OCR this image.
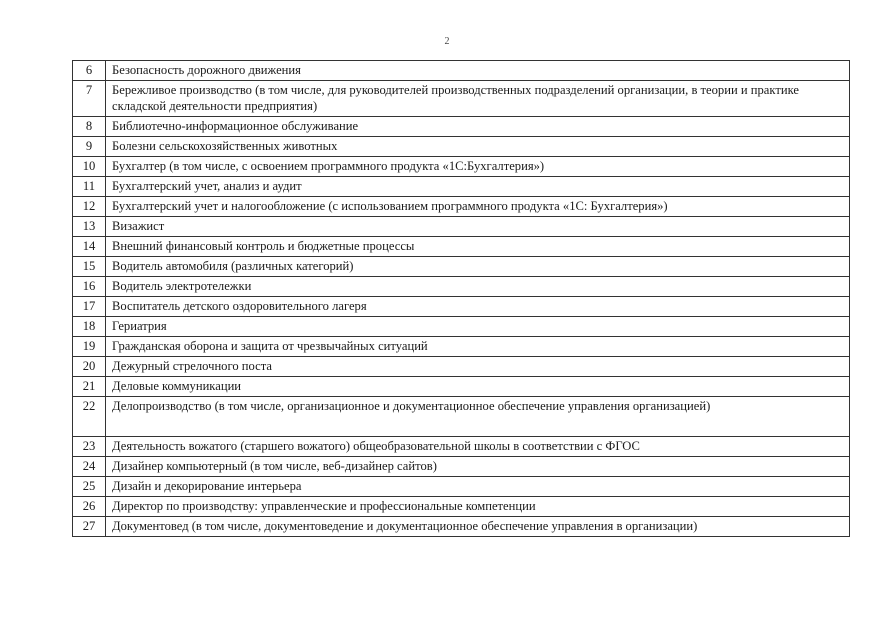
2
6	Безопасность дорожного движения
7	Бережливое производство (в том числе, для руководителей производственных подразделений организации, в теории и практике складской деятельности предприятия)
8	Библиотечно-информационное обслуживание
9	Болезни сельскохозяйственных животных
10	Бухгалтер (в том числе, с освоением программного продукта «1С:Бухгалтерия»)
11	Бухгалтерский учет, анализ и аудит
12	Бухгалтерский учет и налогообложение (с использованием программного продукта «1С: Бухгалтерия»)
13	Визажист
14	Внешний финансовый контроль и бюджетные процессы
15	Водитель автомобиля (различных категорий)
16	Водитель электротележки
17	Воспитатель детского оздоровительного лагеря
18	Гериатрия
19	Гражданская оборона и защита от чрезвычайных ситуаций
20	Дежурный стрелочного поста
21	Деловые коммуникации
22	Делопроизводство (в том числе, организационное и документационное обеспечение управления организацией)
23	Деятельность вожатого (старшего вожатого) общеобразовательной школы в соответствии с ФГОС
24	Дизайнер компьютерный (в том числе, веб-дизайнер сайтов)
25	Дизайн и декорирование интерьера
26	Директор по производству: управленческие и профессиональные компетенции
27	Документовед (в том числе, документоведение и документационное обеспечение управления в организации)
